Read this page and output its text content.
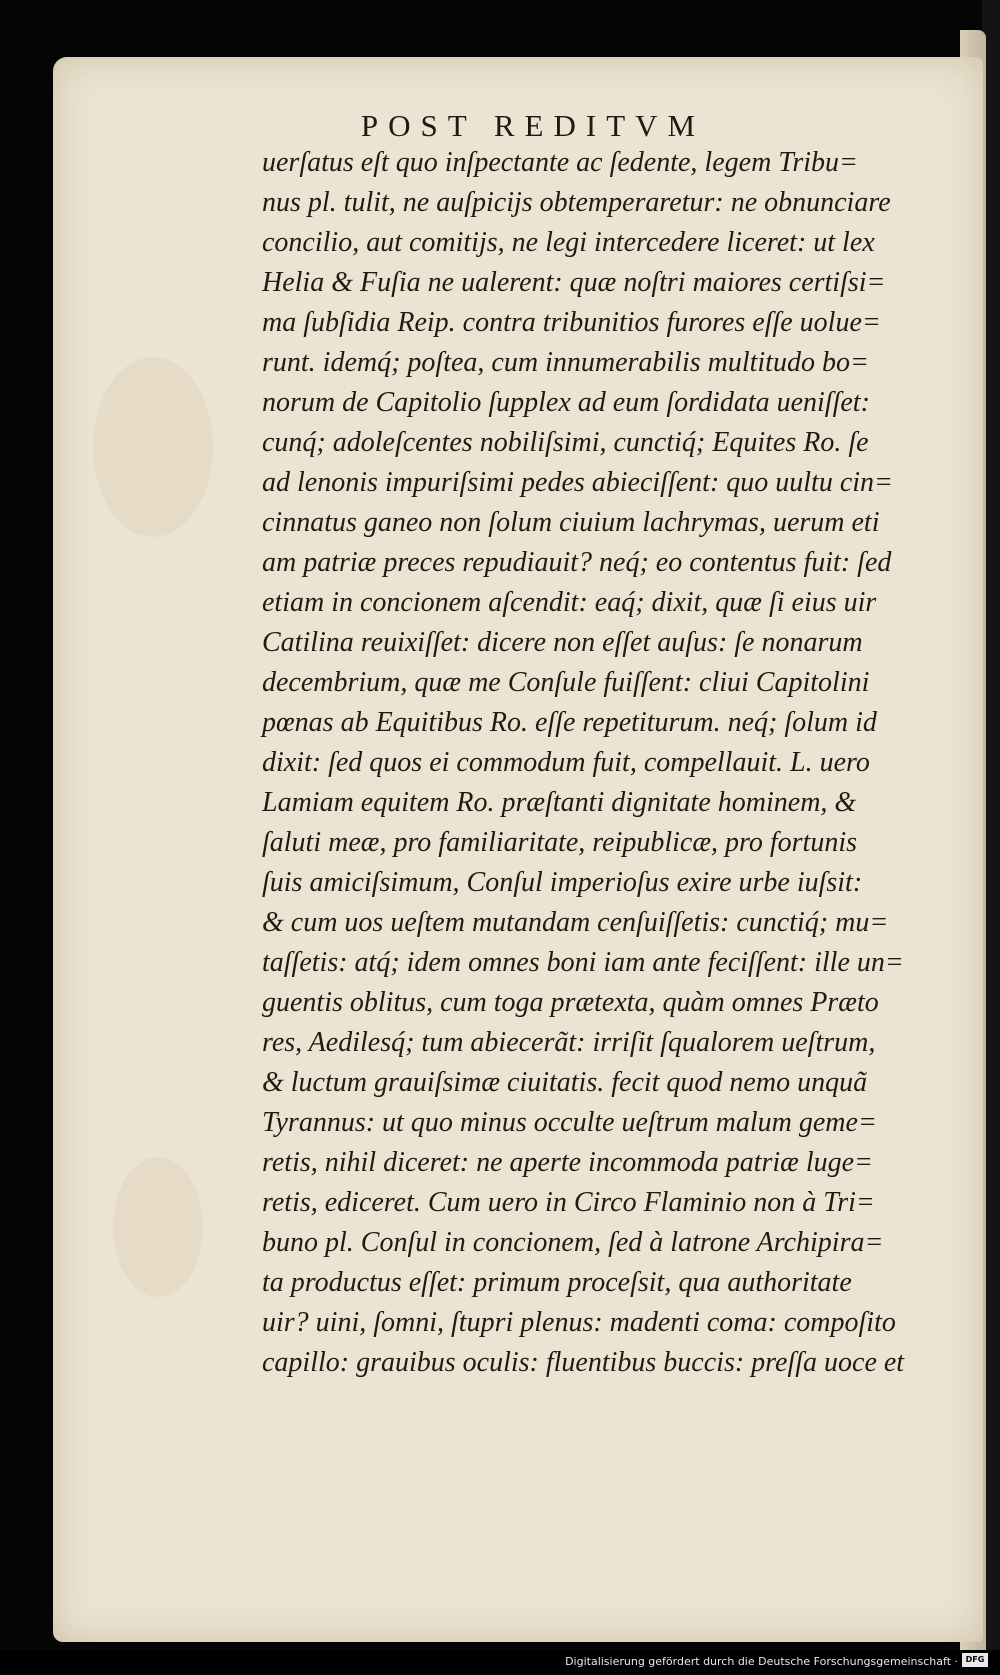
POST REDITVM
uerſatus eſt quo inſpectante ac ſedente, legem Tribu=
nus pl. tulit, ne auſpicijs obtemperaretur: ne obnunciare
concilio, aut comitijs, ne legi intercedere liceret: ut lex
Helia & Fuſia ne ualerent: quæ noſtri maiores certiſsi=
ma ſubſidia Reip. contra tribunitios furores eſſe uolue=
runt. idemq́; poſtea, cum innumerabilis multitudo bo=
norum de Capitolio ſupplex ad eum ſordidata ueniſſet:
cunq́; adoleſcentes nobiliſsimi, cunctiq́; Equites Ro. ſe
ad lenonis impuriſsimi pedes abieciſſent: quo uultu cin=
cinnatus ganeo non ſolum ciuium lachrymas, uerum eti
am patriæ preces repudiauit? neq́; eo contentus fuit: ſed
etiam in concionem aſcendit: eaq́; dixit, quæ ſi eius uir
Catilina reuixiſſet: dicere non eſſet auſus: ſe nonarum
decembrium, quæ me Conſule fuiſſent: cliui Capitolini
pœnas ab Equitibus Ro. eſſe repetiturum. neq́; ſolum id
dixit: ſed quos ei commodum fuit, compellauit. L. uero
Lamiam equitem Ro. præſtanti dignitate hominem, &
ſaluti meæ, pro familiaritate, reipublicæ, pro fortunis
ſuis amiciſsimum, Conſul imperioſus exire urbe iuſsit:
& cum uos ueſtem mutandam cenſuiſſetis: cunctiq́; mu=
taſſetis: atq́; idem omnes boni iam ante feciſſent: ille un=
guentis oblitus, cum toga prætexta, quàm omnes Præto
res, Aedilesq́; tum abiecerãt: irriſit ſqualorem ueſtrum,
& luctum grauiſsimæ ciuitatis. fecit quod nemo unquã
Tyrannus: ut quo minus occulte ueſtrum malum geme=
retis, nihil diceret: ne aperte incommoda patriæ luge=
retis, ediceret. Cum uero in Circo Flaminio non à Tri=
buno pl. Conſul in concionem, ſed à latrone Archipira=
ta productus eſſet: primum proceſsit, qua authoritate
uir? uini, ſomni, ſtupri plenus: madenti coma: compoſito
capillo: grauibus oculis: fluentibus buccis: preſſa uoce et
Digitalisierung gefördert durch die Deutsche Forschungsgemeinschaft · DFG
